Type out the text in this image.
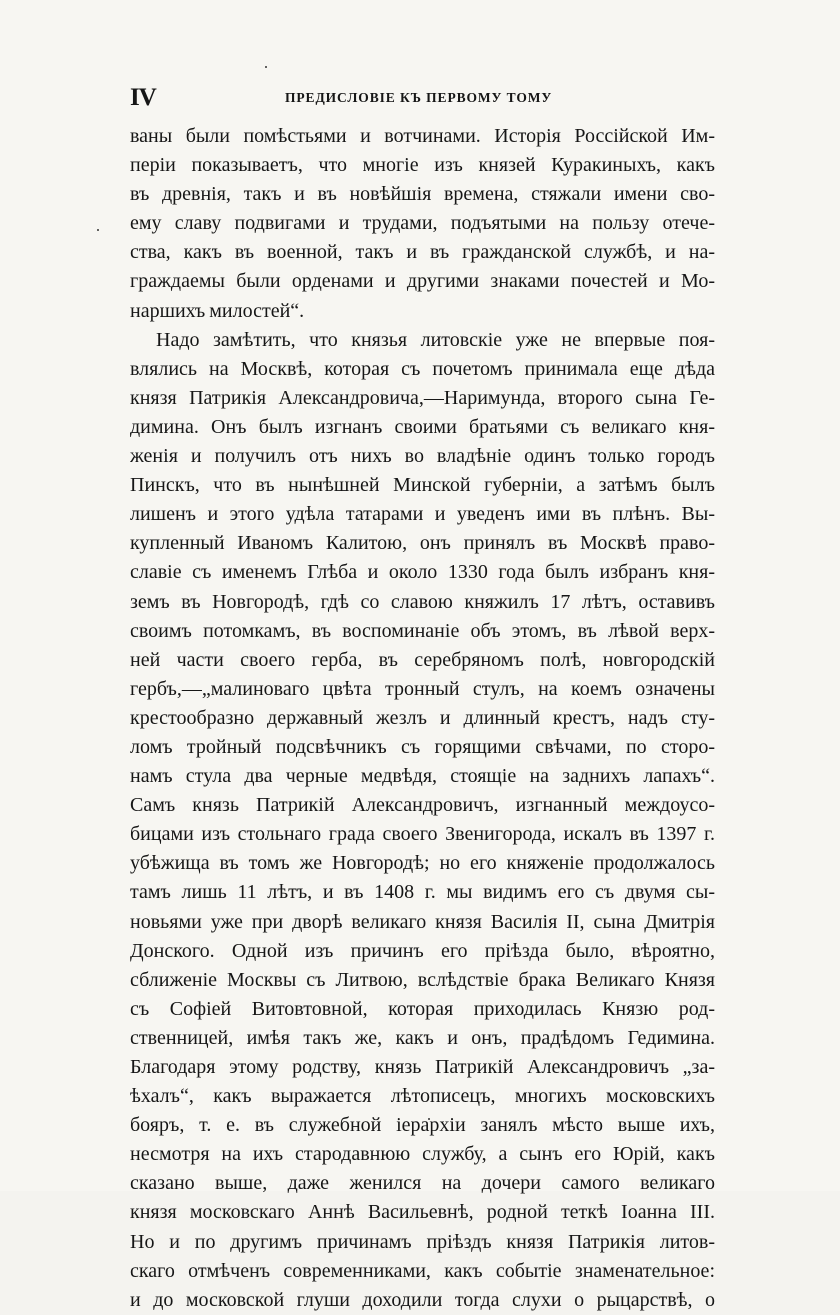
IV	ПРЕДИСЛОВІЕ КЪ ПЕРВОМУ ТОМУ
ваны были помѣстьями и вотчинами. Исторія Россійской Им-
періи показываетъ, что многіе изъ князей Куракиныхъ, какъ
въ древнія, такъ и въ новѣйшія времена, стяжали имени сво-
ему славу подвигами и трудами, подъятыми на пользу отече-
ства, какъ въ военной, такъ и въ гражданской службѣ, и на-
граждаемы были орденами и другими знаками почестей и Мо-
наршихъ милостей“.
Надо замѣтить, что князья литовскіе уже не впервые поя-
влялись на Москвѣ, которая съ почетомъ принимала еще дѣда
князя Патрикія Александровича,—Наримунда, второго сына Ге-
димина. Онъ былъ изгнанъ своими братьями съ великаго кня-
женія и получилъ отъ нихъ во владѣніе одинъ только городъ
Пинскъ, что въ нынѣшней Минской губерніи, а затѣмъ былъ
лишенъ и этого удѣла татарами и уведенъ ими въ плѣнъ. Вы-
купленный Иваномъ Калитою, онъ принялъ въ Москвѣ право-
славіе съ именемъ Глѣба и около 1330 года былъ избранъ кня-
земъ въ Новгородѣ, гдѣ со славою княжилъ 17 лѣтъ, оставивъ
своимъ потомкамъ, въ воспоминаніе объ этомъ, въ лѣвой верх-
ней части своего герба, въ серебряномъ полѣ, новгородскій
гербъ,—„малиноваго цвѣта тронный стулъ, на коемъ означены
крестообразно державный жезлъ и длинный крестъ, надъ сту-
ломъ тройный подсвѣчникъ съ горящими свѣчами, по сторо-
намъ стула два черные медвѣдя, стоящіе на заднихъ лапахъ“.
Самъ князь Патрикій Александровичъ, изгнанный междоусо-
бицами изъ стольнаго града своего Звенигорода, искалъ въ 1397 г.
убѣжища въ томъ же Новгородѣ; но его княженіе продолжалось
тамъ лишь 11 лѣтъ, и въ 1408 г. мы видимъ его съ двумя сы-
новьями уже при дворѣ великаго князя Василія II, сына Дмитрія
Донского. Одной изъ причинъ его пріѣзда было, вѣроятно,
сближеніе Москвы съ Литвою, вслѣдствіе брака Великаго Князя
съ Софіей Витовтовной, которая приходилась Князю род-
ственницей, имѣя такъ же, какъ и онъ, прадѣдомъ Гедимина.
Благодаря этому родству, князь Патрикій Александровичъ „за-
ѣхалъ“, какъ выражается лѣтописецъ, многихъ московскихъ
бояръ, т. е. въ служебной іерархіи занялъ мѣсто выше ихъ,
несмотря на ихъ стародавнюю службу, а сынъ его Юрій, какъ
сказано выше, даже женился на дочери самого великаго
князя московскаго Аннѣ Васильевнѣ, родной теткѣ Іоанна III.
Но и по другимъ причинамъ пріѣздъ князя Патрикія литов-
скаго отмѣченъ современниками, какъ событіе знаменательное:
и до московской глуши доходили тогда слухи о рыцарствѣ, о
